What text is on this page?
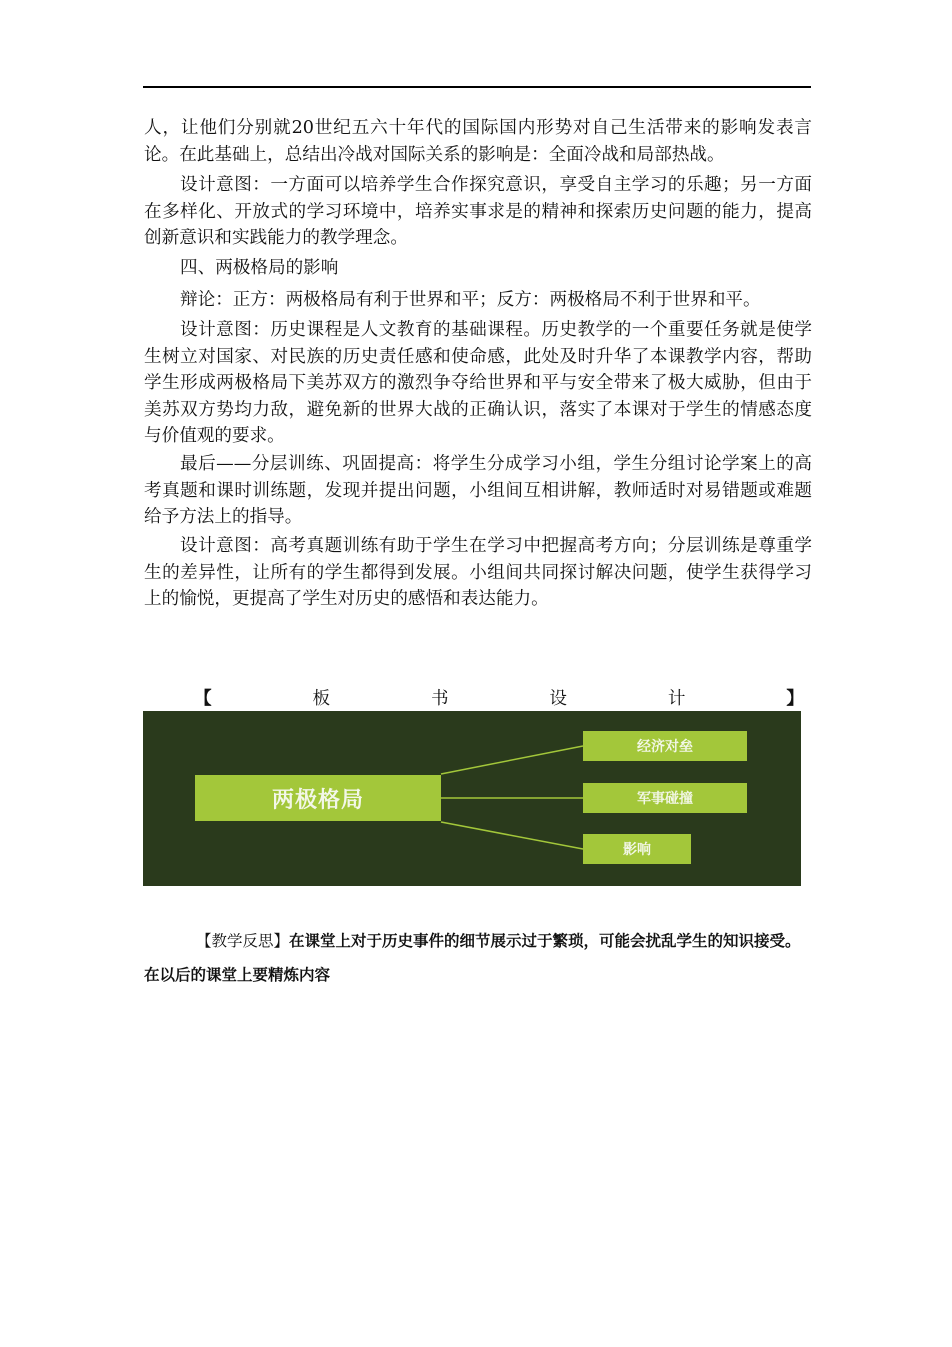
人，让他们分别就20世纪五六十年代的国际国内形势对自己生活带来的影响发表言论。在此基础上，总结出冷战对国际关系的影响是：全面冷战和局部热战。

设计意图：一方面可以培养学生合作探究意识，享受自主学习的乐趣；另一方面在多样化、开放式的学习环境中，培养实事求是的精神和探索历史问题的能力，提高创新意识和实践能力的教学理念。

四、两极格局的影响

辩论：正方：两极格局有利于世界和平；反方：两极格局不利于世界和平。

设计意图：历史课程是人文教育的基础课程。历史教学的一个重要任务就是使学生树立对国家、对民族的历史责任感和使命感，此处及时升华了本课教学内容，帮助学生形成两极格局下美苏双方的激烈争夺给世界和平与安全带来了极大威胁，但由于美苏双方势均力敌，避免新的世界大战的正确认识，落实了本课对于学生的情感态度与价值观的要求。

最后——分层训练、巩固提高：将学生分成学习小组，学生分组讨论学案上的高考真题和课时训练题，发现并提出问题，小组间互相讲解，教师适时对易错题或难题给予方法上的指导。

设计意图：高考真题训练有助于学生在学习中把握高考方向；分层训练是尊重学生的差异性，让所有的学生都得到发展。小组间共同探讨解决问题，使学生获得学习上的愉悦，更提高了学生对历史的感悟和表达能力。

【	板	书	设	计	】
两极格局
经济对垒
军事碰撞
影响

【教学反思】在课堂上对于历史事件的细节展示过于繁琐，可能会扰乱学生的知识接受。在以后的课堂上要精炼内容
